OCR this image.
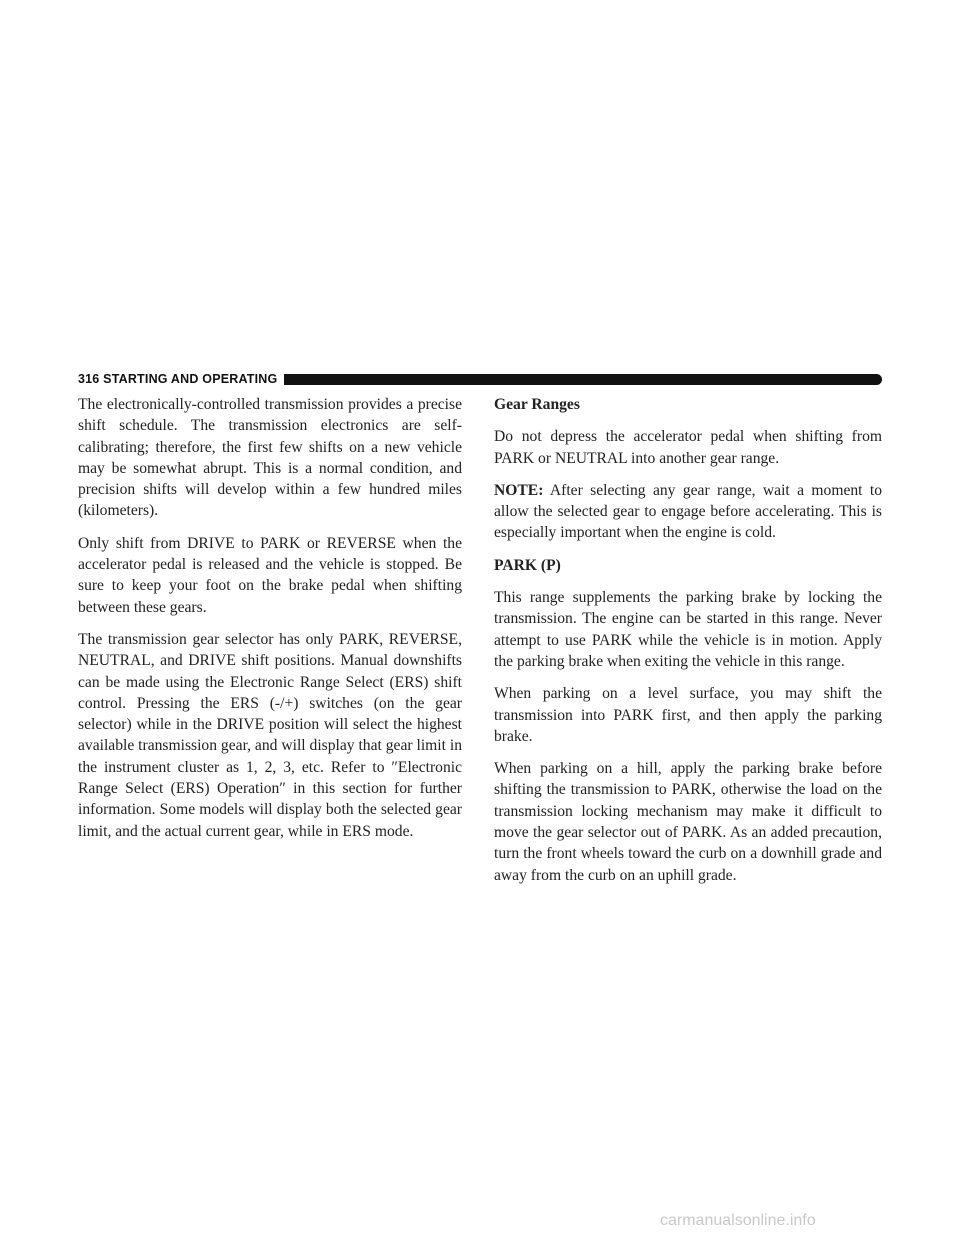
316 STARTING AND OPERATING

The electronically-controlled transmission provides a precise shift schedule. The transmission electronics are self-calibrating; therefore, the first few shifts on a new vehicle may be somewhat abrupt. This is a normal condition, and precision shifts will develop within a few hundred miles (kilometers).

Only shift from DRIVE to PARK or REVERSE when the accelerator pedal is released and the vehicle is stopped. Be sure to keep your foot on the brake pedal when shifting between these gears.

The transmission gear selector has only PARK, REVERSE, NEUTRAL, and DRIVE shift positions. Manual downshifts can be made using the Electronic Range Select (ERS) shift control. Pressing the ERS (-/+) switches (on the gear selector) while in the DRIVE position will select the highest available transmission gear, and will display that gear limit in the instrument cluster as 1, 2, 3, etc. Refer to ″Electronic Range Select (ERS) Operation″ in this section for further information. Some models will display both the selected gear limit, and the actual current gear, while in ERS mode.

Gear Ranges

Do not depress the accelerator pedal when shifting from PARK or NEUTRAL into another gear range.

NOTE: After selecting any gear range, wait a moment to allow the selected gear to engage before accelerating. This is especially important when the engine is cold.

PARK (P)

This range supplements the parking brake by locking the transmission. The engine can be started in this range. Never attempt to use PARK while the vehicle is in motion. Apply the parking brake when exiting the vehicle in this range.

When parking on a level surface, you may shift the transmission into PARK first, and then apply the parking brake.

When parking on a hill, apply the parking brake before shifting the transmission to PARK, otherwise the load on the transmission locking mechanism may make it difficult to move the gear selector out of PARK. As an added precaution, turn the front wheels toward the curb on a downhill grade and away from the curb on an uphill grade.

carmanualsonline.info
